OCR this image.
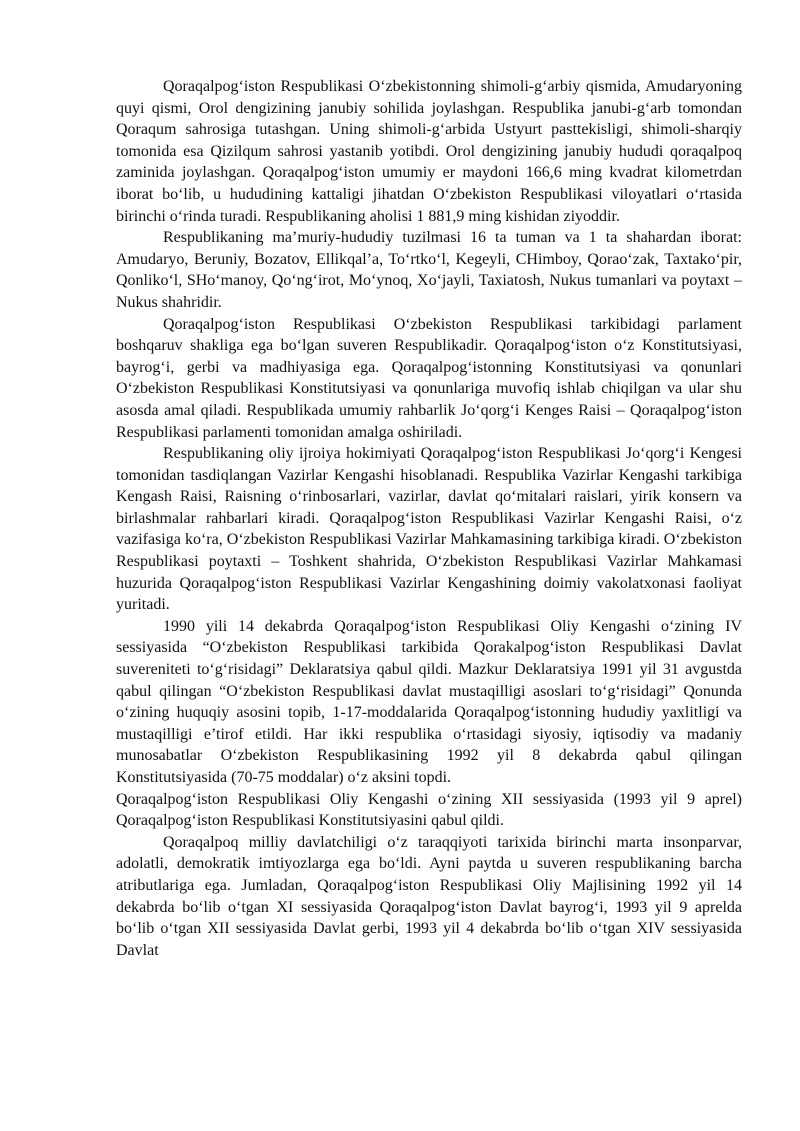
Qoraqalpog‘iston Respublikasi O‘zbekistonning shimoli-g‘arbiy qismida, Amudaryoning quyi qismi, Orol dengizining janubiy sohilida joylashgan. Respublika janubi-g‘arb tomondan Qoraqum sahrosiga tutashgan. Uning shimoli-g‘arbida Ustyurt pasttekisligi, shimoli-sharqiy tomonida esa Qizilqum sahrosi yastanib yotibdi. Orol dengizining janubiy hududi qoraqalpoq zaminida joylashgan. Qoraqalpog‘iston umumiy er maydoni 166,6 ming kvadrat kilometrdan iborat bo‘lib, u hududining kattaligi jihatdan O‘zbekiston Respublikasi viloyatlari o‘rtasida birinchi o‘rinda turadi. Respublikaning aholisi 1 881,9 ming kishidan ziyoddir.

Respublikaning ma’muriy-hududiy tuzilmasi 16 ta tuman va 1 ta shahardan iborat: Amudaryo, Beruniy, Bozatov, Ellikqal’a, To‘rtko‘l, Kegeyli, CHimboy, Qorao‘zak, Taxtako‘pir, Qonliko‘l, SHo‘manoy, Qo‘ng‘irot, Mo‘ynoq, Xo‘jayli, Taxiatosh, Nukus tumanlari va poytaxt – Nukus shahridir.

Qoraqalpog‘iston Respublikasi O‘zbekiston Respublikasi tarkibidagi parlament boshqaruv shakliga ega bo‘lgan suveren Respublikadir. Qoraqalpog‘iston o‘z Konstitutsiyasi, bayrog‘i, gerbi va madhiyasiga ega. Qoraqalpog‘istonning Konstitutsiyasi va qonunlari O‘zbekiston Respublikasi Konstitutsiyasi va qonunlariga muvofiq ishlab chiqilgan va ular shu asosda amal qiladi. Respublikada umumiy rahbarlik Jo‘qorg‘i Kenges Raisi – Qoraqalpog‘iston Respublikasi parlamenti tomonidan amalga oshiriladi.

Respublikaning oliy ijroiya hokimiyati Qoraqalpog‘iston Respublikasi Jo‘qorg‘i Kengesi tomonidan tasdiqlangan Vazirlar Kengashi hisoblanadi. Respublika Vazirlar Kengashi tarkibiga Kengash Raisi, Raisning o‘rinbosarlari, vazirlar, davlat qo‘mitalari raislari, yirik konsern va birlashmalar rahbarlari kiradi. Qoraqalpog‘iston Respublikasi Vazirlar Kengashi Raisi, o‘z vazifasiga ko‘ra, O‘zbekiston Respublikasi Vazirlar Mahkamasining tarkibiga kiradi. O‘zbekiston Respublikasi poytaxti – Toshkent shahrida, O‘zbekiston Respublikasi Vazirlar Mahkamasi huzurida Qoraqalpog‘iston Respublikasi Vazirlar Kengashining doimiy vakolatxonasi faoliyat yuritadi.

1990 yili 14 dekabrda Qoraqalpog‘iston Respublikasi Oliy Kengashi o‘zining IV sessiyasida “O‘zbekiston Respublikasi tarkibida Qorakalpog‘iston Respublikasi Davlat suvereniteti to‘g‘risidagi” Deklaratsiya qabul qildi. Mazkur Deklaratsiya 1991 yil 31 avgustda qabul qilingan “O‘zbekiston Respublikasi davlat mustaqilligi asoslari to‘g‘risidagi” Qonunda o‘zining huquqiy asosini topib, 1-17-moddalarida Qoraqalpog‘istonning hududiy yaxlitligi va mustaqilligi e’tirof etildi. Har ikki respublika o‘rtasidagi siyosiy, iqtisodiy va madaniy munosabatlar O‘zbekiston Respublikasining 1992 yil 8 dekabrda qabul qilingan Konstitutsiyasida (70-75 moddalar) o‘z aksini topdi.

Qoraqalpog‘iston Respublikasi Oliy Kengashi o‘zining XII sessiyasida (1993 yil 9 aprel) Qoraqalpog‘iston Respublikasi Konstitutsiyasini qabul qildi.

Qoraqalpoq milliy davlatchiligi o‘z taraqqiyoti tarixida birinchi marta insonparvar, adolatli, demokratik imtiyozlarga ega bo‘ldi. Ayni paytda u suveren respublikaning barcha atributlariga ega. Jumladan, Qoraqalpog‘iston Respublikasi Oliy Majlisining 1992 yil 14 dekabrda bo‘lib o‘tgan XI sessiyasida Qoraqalpog‘iston Davlat bayrog‘i, 1993 yil 9 aprelda bo‘lib o‘tgan XII sessiyasida Davlat gerbi, 1993 yil 4 dekabrda bo‘lib o‘tgan XIV sessiyasida Davlat
